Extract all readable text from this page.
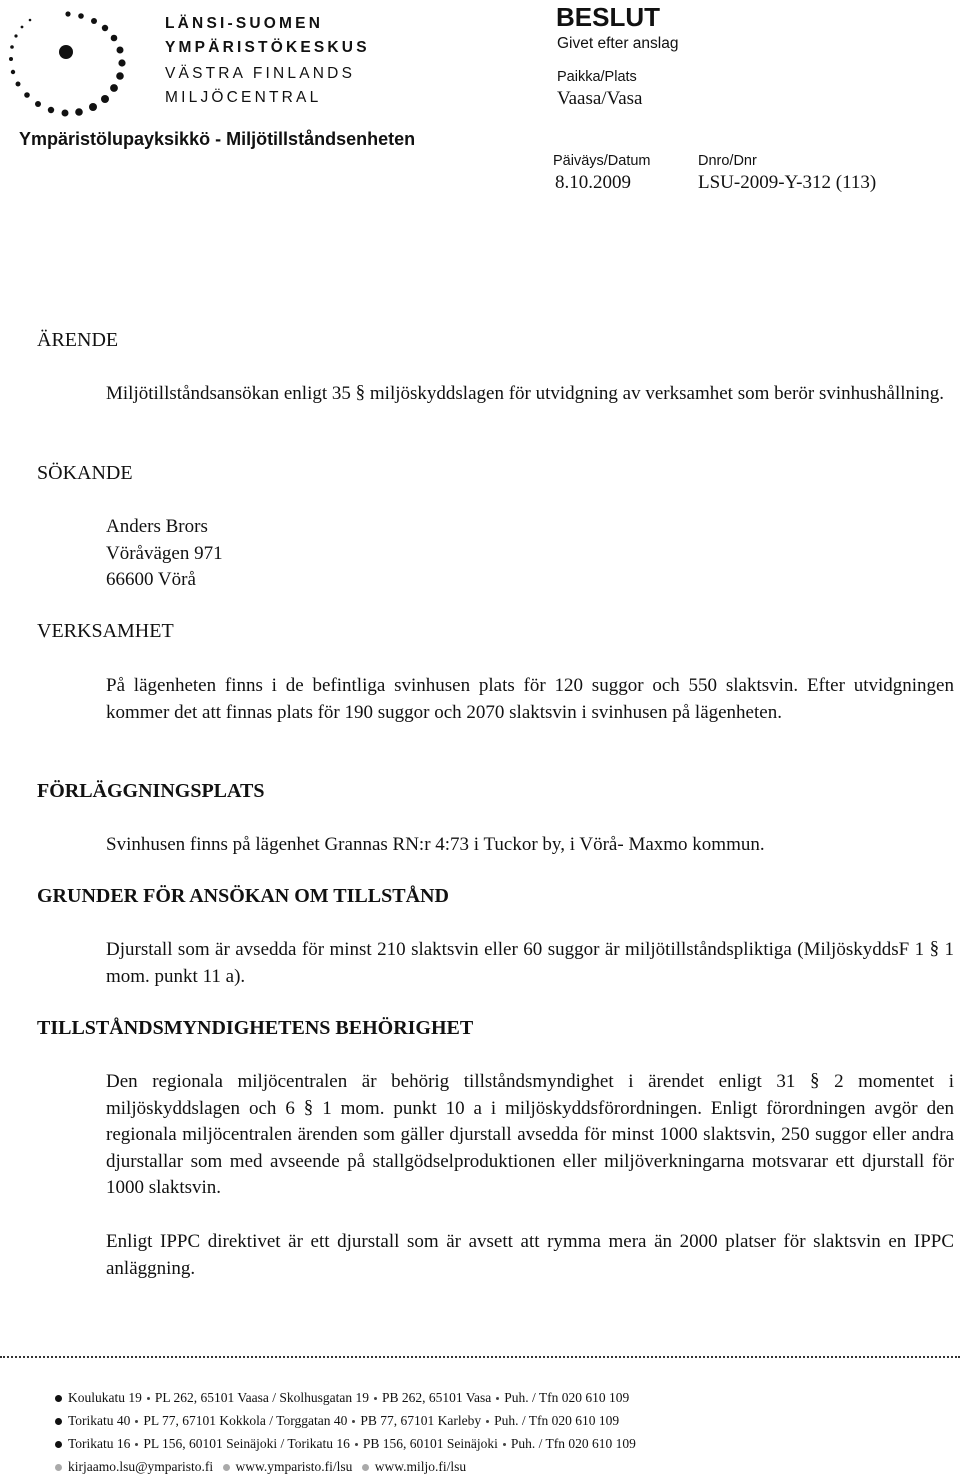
LÄNSI-SUOMEN
YMPÄRISTÖKESKUS
VÄSTRA FINLANDS
MILJÖCENTRAL
Ympäristölupayksikkö - Miljötillståndsenheten
BESLUT
Givet efter anslag
Paikka/Plats
Vaasa/Vasa
Päiväys/Datum
8.10.2009
Dnro/Dnr
LSU-2009-Y-312 (113)
ÄRENDE

Miljötillståndsansökan enligt 35 § miljöskyddslagen för utvidgning av verksamhet som berör svinhushållning.

SÖKANDE
Anders Brors
Vöråvägen 971
66600 Vörå
VERKSAMHET

På lägenheten finns i de befintliga svinhusen plats för 120 suggor och 550 slaktsvin. Efter utvidgningen kommer det att finnas plats för 190 suggor och 2070 slaktsvin i svinhusen på lägenheten.

FÖRLÄGGNINGSPLATS

Svinhusen finns på lägenhet Grannas RN:r 4:73 i Tuckor by, i Vörå- Maxmo kommun.

GRUNDER FÖR ANSÖKAN OM TILLSTÅND

Djurstall som är avsedda för minst 210 slaktsvin eller 60 suggor är miljötillståndspliktiga (MiljöskyddsF 1 § 1 mom. punkt 11 a).

TILLSTÅNDSMYNDIGHETENS BEHÖRIGHET

Den regionala miljöcentralen är behörig tillståndsmyndighet i ärendet enligt 31 § 2 momentet i miljöskyddslagen och 6 § 1 mom. punkt 10 a i miljöskyddsförordningen. Enligt förordningen avgör den regionala miljöcentralen ärenden som gäller djurstall avsedda för minst 1000 slaktsvin, 250 suggor eller andra djurstallar som med avseende på stallgödselproduktionen eller miljöverkningarna motsvarar ett djurstall för 1000 slaktsvin.

Enligt IPPC direktivet är ett djurstall som är avsett att rymma mera än 2000 platser för slaktsvin en IPPC anläggning.

Koulukatu 19 PL 262, 65101 Vaasa / Skolhusgatan 19 PB 262, 65101 Vasa Puh. / Tfn 020 610 109
Torikatu 40 PL 77, 67101 Kokkola / Torggatan 40 PB 77, 67101 Karleby Puh. / Tfn 020 610 109
Torikatu 16 PL 156, 60101 Seinäjoki / Torikatu 16 PB 156, 60101 Seinäjoki Puh. / Tfn 020 610 109
kirjaamo.lsu@ymparisto.fi www.ymparisto.fi/lsu www.miljo.fi/lsu
